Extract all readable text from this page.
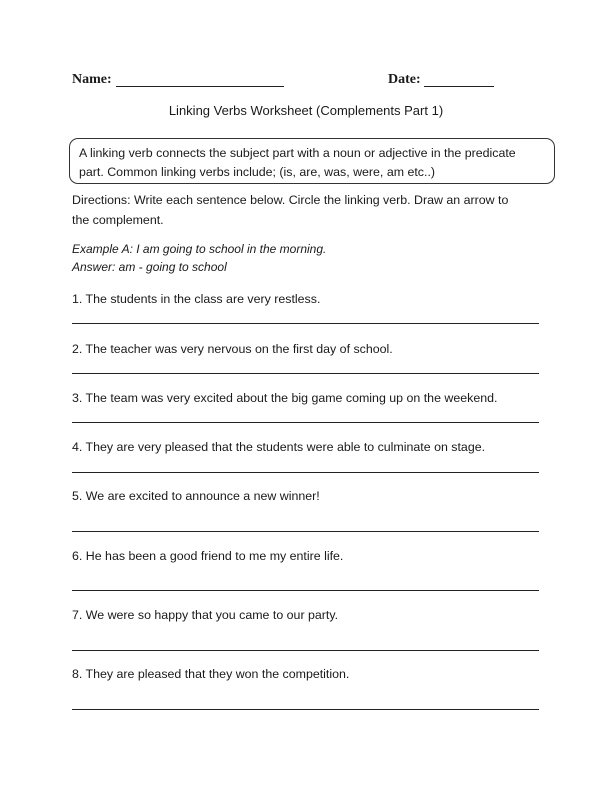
Name:	Date:
Linking Verbs Worksheet (Complements Part 1)
A linking verb connects the subject part with a noun or adjective in the predicate
part. Common linking verbs include; (is, are, was, were, am etc..)
Directions: Write each sentence below. Circle the linking verb. Draw an arrow to
the complement.
Example A: I am going to school in the morning.
Answer: am - going to school
1. The students in the class are very restless.
2. The teacher was very nervous on the first day of school.
3. The team was very excited about the big game coming up on the weekend.
4. They are very pleased that the students were able to culminate on stage.
5. We are excited to announce a new winner!
6. He has been a good friend to me my entire life.
7. We were so happy that you came to our party.
8. They are pleased that they won the competition.
